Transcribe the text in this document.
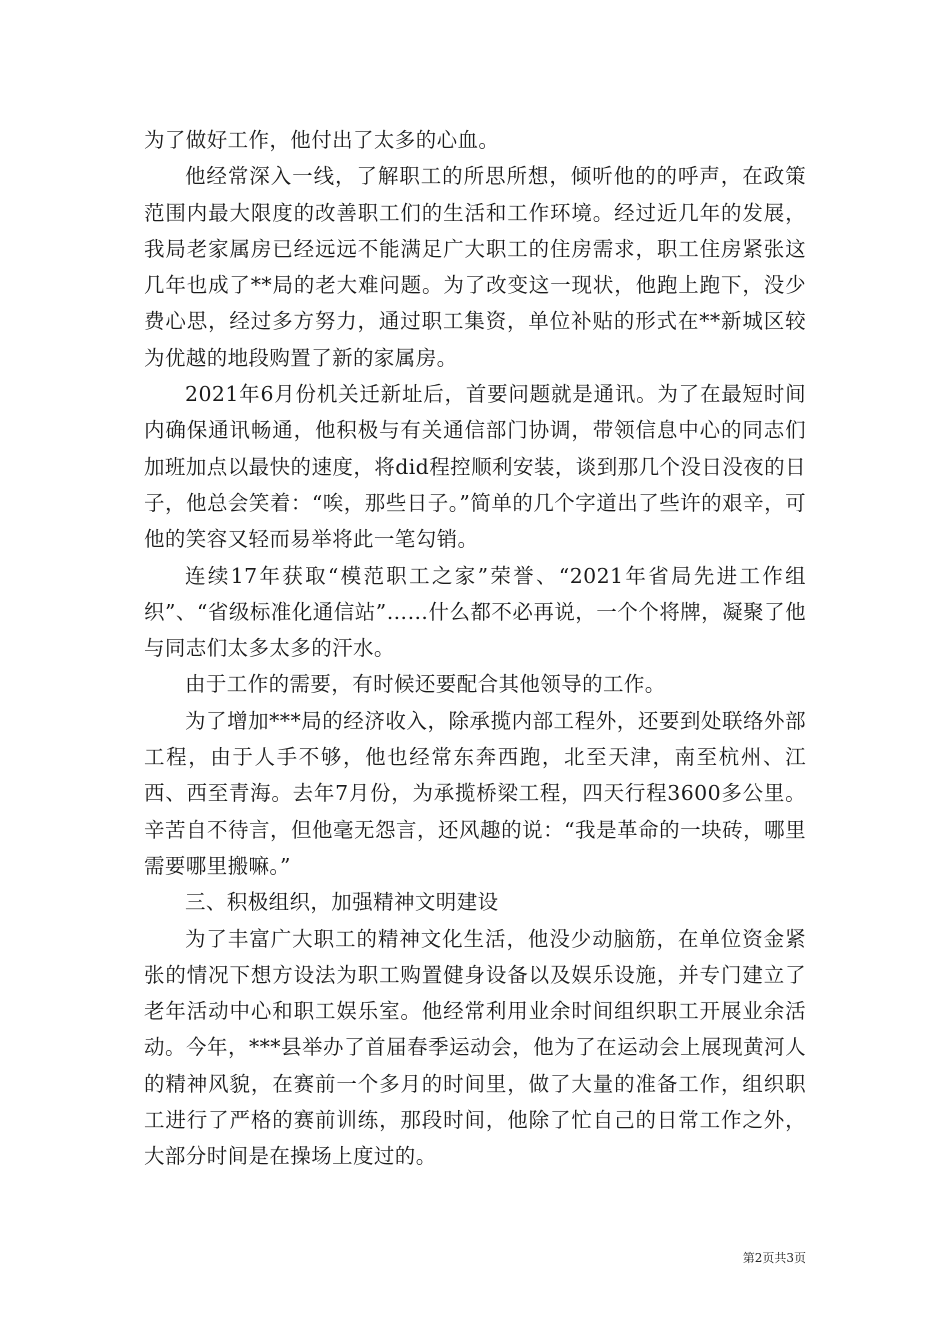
为了做好工作，他付出了太多的心血。

他经常深入一线，了解职工的所思所想，倾听他的的呼声，在政策范围内最大限度的改善职工们的生活和工作环境。经过近几年的发展，我局老家属房已经远远不能满足广大职工的住房需求，职工住房紧张这几年也成了**局的老大难问题。为了改变这一现状，他跑上跑下，没少费心思，经过多方努力，通过职工集资，单位补贴的形式在**新城区较为优越的地段购置了新的家属房。

2021年6月份机关迁新址后，首要问题就是通讯。为了在最短时间内确保通讯畅通，他积极与有关通信部门协调，带领信息中心的同志们加班加点以最快的速度，将did程控顺利安装，谈到那几个没日没夜的日子，他总会笑着：“唉，那些日子。”简单的几个字道出了些许的艰辛，可他的笑容又轻而易举将此一笔勾销。

连续17年获取“模范职工之家”荣誉、“2021年省局先进工作组织”、“省级标准化通信站”……什么都不必再说，一个个将牌，凝聚了他与同志们太多太多的汗水。

由于工作的需要，有时候还要配合其他领导的工作。

为了增加***局的经济收入，除承揽内部工程外，还要到处联络外部工程，由于人手不够，他也经常东奔西跑，北至天津，南至杭州、江西、西至青海。去年7月份，为承揽桥梁工程，四天行程3600多公里。辛苦自不待言，但他毫无怨言，还风趣的说：“我是革命的一块砖，哪里需要哪里搬嘛。”

三、积极组织，加强精神文明建设

为了丰富广大职工的精神文化生活，他没少动脑筋，在单位资金紧张的情况下想方设法为职工购置健身设备以及娱乐设施，并专门建立了老年活动中心和职工娱乐室。他经常利用业余时间组织职工开展业余活动。今年，***县举办了首届春季运动会，他为了在运动会上展现黄河人的精神风貌，在赛前一个多月的时间里，做了大量的准备工作，组织职工进行了严格的赛前训练，那段时间，他除了忙自己的日常工作之外，大部分时间是在操场上度过的。

第2页共3页
